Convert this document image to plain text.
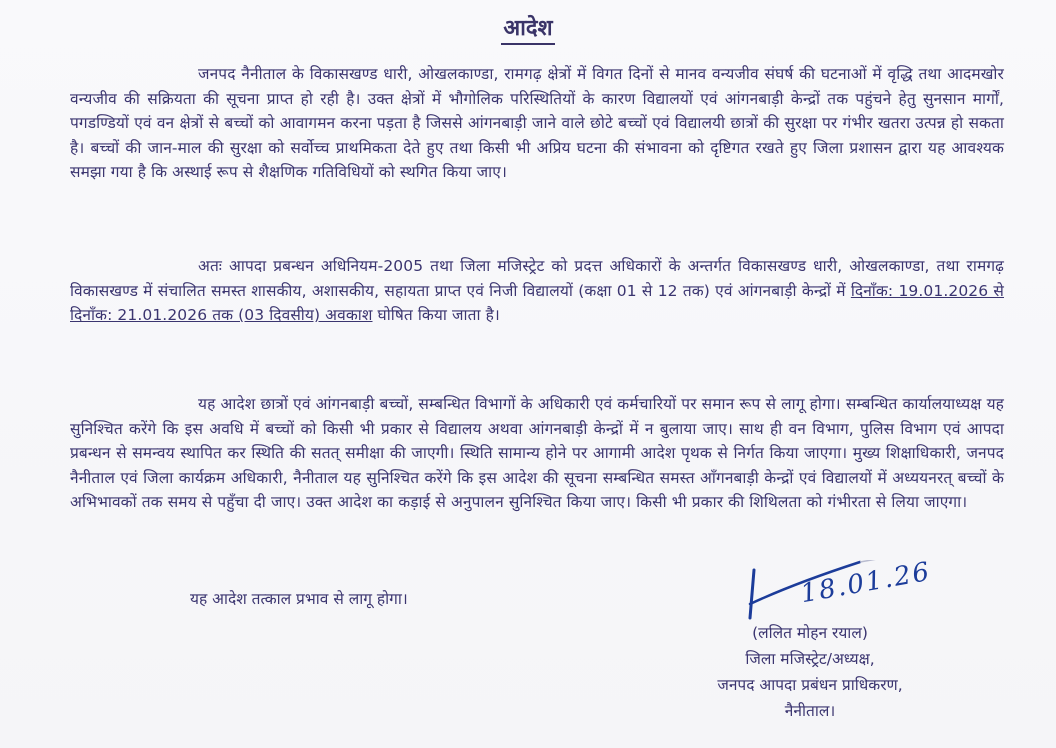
आदेश
जनपद नैनीताल के विकासखण्ड धारी, ओखलकाण्डा, रामगढ़ क्षेत्रों में विगत दिनों से मानव वन्यजीव संघर्ष की घटनाओं में वृद्धि तथा आदमखोर वन्यजीव की सक्रियता की सूचना प्राप्त हो रही है। उक्त क्षेत्रों में भौगोलिक परिस्थितियों के कारण विद्यालयों एवं आंगनबाड़ी केन्द्रों तक पहुंचने हेतु सुनसान मार्गों, पगडण्डियों एवं वन क्षेत्रों से बच्चों को आवागमन करना पड़ता है जिससे आंगनबाड़ी जाने वाले छोटे बच्चों एवं विद्यालयी छात्रों की सुरक्षा पर गंभीर खतरा उत्पन्न हो सकता है। बच्चों की जान-माल की सुरक्षा को सर्वोच्च प्राथमिकता देते हुए तथा किसी भी अप्रिय घटना की संभावना को दृष्टिगत रखते हुए जिला प्रशासन द्वारा यह आवश्यक समझा गया है कि अस्थाई रूप से शैक्षणिक गतिविधियों को स्थगित किया जाए।
अतः आपदा प्रबन्धन अधिनियम-2005 तथा जिला मजिस्ट्रेट को प्रदत्त अधिकारों के अन्तर्गत विकासखण्ड धारी, ओखलकाण्डा, तथा रामगढ़ विकासखण्ड में संचालित समस्त शासकीय, अशासकीय, सहायता प्राप्त एवं निजी विद्यालयों (कक्षा 01 से 12 तक) एवं आंगनबाड़ी केन्द्रों में दिनाँक: 19.01.2026 से दिनाँक: 21.01.2026 तक (03 दिवसीय) अवकाश घोषित किया जाता है।
यह आदेश छात्रों एवं आंगनबाड़ी बच्चों, सम्बन्धित विभागों के अधिकारी एवं कर्मचारियों पर समान रूप से लागू होगा। सम्बन्धित कार्यालयाध्यक्ष यह सुनिश्चित करेंगे कि इस अवधि में बच्चों को किसी भी प्रकार से विद्यालय अथवा आंगनबाड़ी केन्द्रों में न बुलाया जाए। साथ ही वन विभाग, पुलिस विभाग एवं आपदा प्रबन्धन से समन्वय स्थापित कर स्थिति की सतत् समीक्षा की जाएगी। स्थिति सामान्य होने पर आगामी आदेश पृथक से निर्गत किया जाएगा। मुख्य शिक्षाधिकारी, जनपद नैनीताल एवं जिला कार्यक्रम अधिकारी, नैनीताल यह सुनिश्चित करेंगे कि इस आदेश की सूचना सम्बन्धित समस्त आँगनबाड़ी केन्द्रों एवं विद्यालयों में अध्ययनरत् बच्चों के अभिभावकों तक समय से पहुँचा दी जाए। उक्त आदेश का कड़ाई से अनुपालन सुनिश्चित किया जाए। किसी भी प्रकार की शिथिलता को गंभीरता से लिया जाएगा।
यह आदेश तत्काल प्रभाव से लागू होगा।	18.01.26
(ललित मोहन रयाल)
जिला मजिस्ट्रेट/अध्यक्ष,
जनपद आपदा प्रबंधन प्राधिकरण,
नैनीताल।
